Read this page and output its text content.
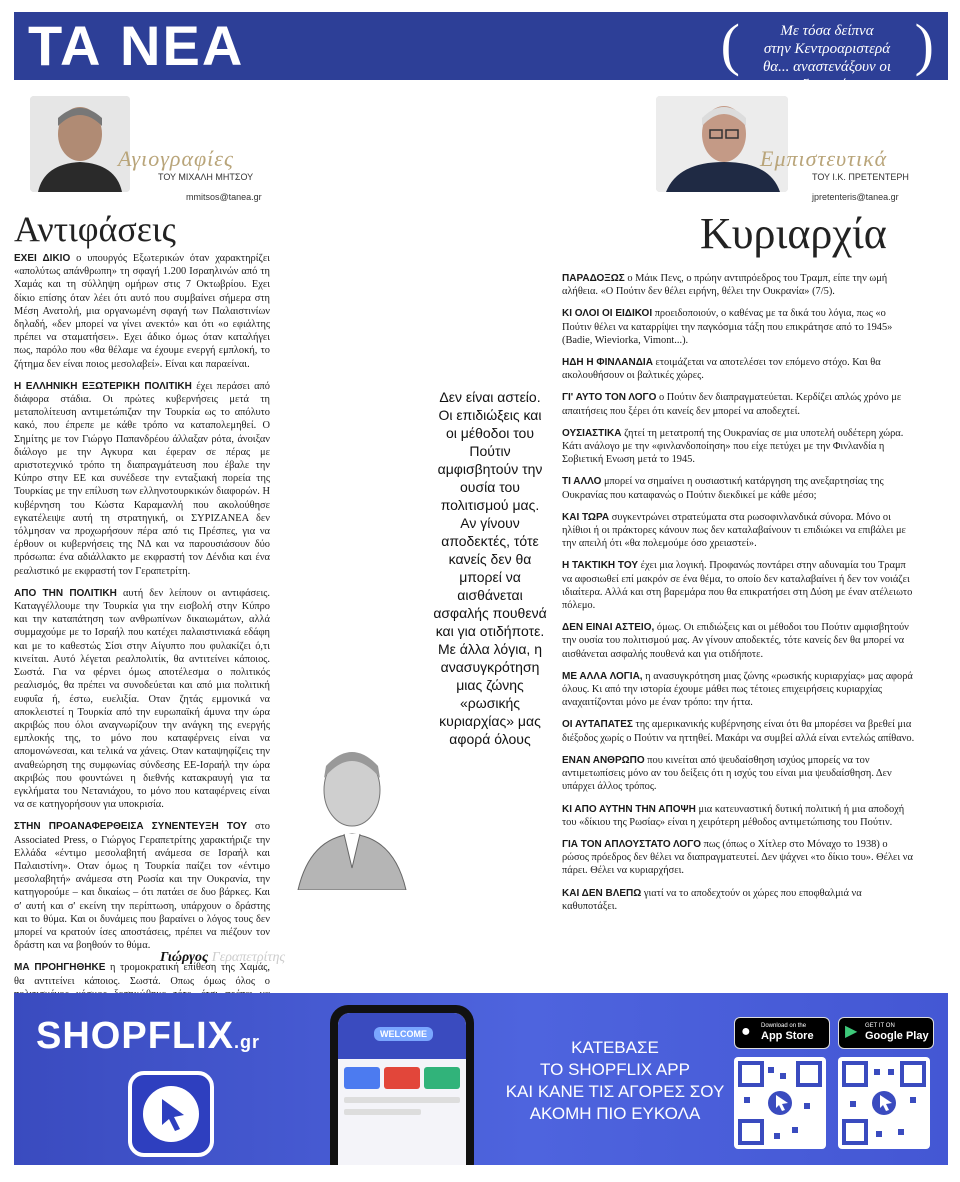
ΤΑ ΝΕΑ	(	Με τόσα δείπνα
στην Κεντροαριστερά
θα... αναστενάξουν οι ζυγαριές
)
Αγιογραφίες
ΤΟΥ ΜΙΧΑΛΗ ΜΗΤΣΟΥ
mmitsos@tanea.gr
Εμπιστευτικά
ΤΟΥ Ι.Κ. ΠΡΕΤΕΝΤΕΡΗ
jpretenteris@tanea.gr
Αντιφάσεις	Κυριαρχία

ΕΧΕΙ ΔΙΚΙΟ ο υπουργός Εξωτερικών όταν χαρακτηρίζει «απολύτως απάνθρωπη» τη σφαγή 1.200 Ισραηλινών από τη Χαμάς και τη σύλληψη ομήρων στις 7 Οκτωβρίου. Εχει δίκιο επίσης όταν λέει ότι αυτό που συμβαίνει σήμερα στη Μέση Ανατολή, μια οργανωμένη σφαγή των Παλαιστινίων δηλαδή, «δεν μπορεί να γίνει ανεκτό» και ότι «ο εφιάλτης πρέπει να σταματήσει». Εχει άδικο όμως όταν καταλήγει πως, παρόλο που «θα θέλαμε να έχουμε ενεργή εμπλοκή, το ζήτημα δεν είναι ποιος μεσολαβεί». Είναι και παραείναι.

Η ΕΛΛΗΝΙΚΗ ΕΞΩΤΕΡΙΚΗ ΠΟΛΙΤΙΚΗ έχει περάσει από διάφορα στάδια. Οι πρώτες κυβερνήσεις μετά τη μεταπολίτευση αντιμετώπιζαν την Τουρκία ως το απόλυτο κακό, που έπρεπε με κάθε τρόπο να καταπολεμηθεί. Ο Σημίτης με τον Γιώργο Παπανδρέου άλλαξαν ρότα, άνοιξαν διάλογο με την Αγκυρα και έφεραν σε πέρας με αριστοτεχνικό τρόπο τη διαπραγμάτευση που έβαλε την Κύπρο στην ΕΕ και συνέδεσε την ενταξιακή πορεία της Τουρκίας με την επίλυση των ελληνοτουρκικών διαφορών. Η κυβέρνηση του Κώστα Καραμανλή που ακολούθησε εγκατέλειψε αυτή τη στρατηγική, οι ΣΥΡΙΖΑΝΕΑ δεν τόλμησαν να προχωρήσουν πέρα από τις Πρέσπες, για να έρθουν οι κυβερνήσεις της ΝΔ και να παρουσιάσουν δύο πρόσωπα: ένα αδιάλλακτο με εκφραστή τον Δένδια και ένα ρεαλιστικό με εκφραστή τον Γεραπετρίτη.

ΑΠΟ ΤΗΝ ΠΟΛΙΤΙΚΗ αυτή δεν λείπουν οι αντιφάσεις. Καταγγέλλουμε την Τουρκία για την εισβολή στην Κύπρο και την καταπάτηση των ανθρωπίνων δικαιωμάτων, αλλά συμμαχούμε με το Ισραήλ που κατέχει παλαιστινιακά εδάφη και με το καθεστώς Σίσι στην Αίγυπτο που φυλακίζει ό,τι κινείται. Αυτό λέγεται ρεαλπολιτίκ, θα αντιτείνει κάποιος. Σωστά. Για να φέρνει όμως αποτέλεσμα ο πολιτικός ρεαλισμός, θα πρέπει να συνοδεύεται και από μια πολιτική ευφυΐα ή, έστω, ευελιξία. Οταν ζητάς εμμονικά να αποκλειστεί η Τουρκία από την ευρωπαϊκή άμυνα την ώρα ακριβώς που όλοι αναγνωρίζουν την ανάγκη της ενεργής εμπλοκής της, το μόνο που καταφέρνεις είναι να απομονώνεσαι, και τελικά να χάνεις. Οταν καταψηφίζεις την αναθεώρηση της συμφωνίας σύνδεσης ΕΕ-Ισραήλ την ώρα ακριβώς που φουντώνει η διεθνής κατακραυγή για τα εγκλήματα του Νετανιάχου, το μόνο που καταφέρνεις είναι να σε κατηγορήσουν για υποκρισία.

ΣΤΗΝ ΠΡΟΑΝΑΦΕΡΘΕΙΣΑ ΣΥΝΕΝΤΕΥΞΗ ΤΟΥ στο Associated Press, ο Γιώργος Γεραπετρίτης χαρακτήριζε την Ελλάδα «έντιμο μεσολαβητή ανάμεσα σε Ισραήλ και Παλαιστίνη». Οταν όμως η Τουρκία παίζει τον «έντιμο μεσολαβητή» ανάμεσα στη Ρωσία και την Ουκρανία, την κατηγορούμε – και δικαίως – ότι πατάει σε δυο βάρκες. Και σ' αυτή και σ' εκείνη την περίπτωση, υπάρχουν ο δράστης και το θύμα. Και οι δυνάμεις που βαραίνει ο λόγος τους δεν μπορεί να κρατούν ίσες αποστάσεις, πρέπει να πιέζουν τον δράστη και να βοηθούν το θύμα.

ΜΑ ΠΡΟΗΓΗΘΗΚΕ η τρομοκρατική επίθεση της Χαμάς, θα αντιτείνει κάποιος. Σωστά. Οπως όμως όλος ο

Γιώργος Γεραπετρίτης
Δεν είναι αστείο. Οι επιδιώξεις και οι μέθοδοι του Πούτιν αμφισβητούν την ουσία του πολιτισμού μας. Αν γίνουν αποδεκτές, τότε κανείς δεν θα μπορεί να αισθάνεται ασφαλής πουθενά και για οτιδήποτε. Με άλλα λόγια, η ανασυγκρότηση μιας ζώνης «ρωσικής κυριαρχίας» μας αφορά όλους

ΠΑΡΑΔΟΞΩΣ ο Μάικ Πενς, ο πρώην αντιπρόεδρος του Τραμπ, είπε την ωμή αλήθεια. «Ο Πούτιν δεν θέλει ειρήνη, θέλει την Ουκρανία» (7/5).

ΚΙ ΟΛΟΙ ΟΙ ΕΙΔΙΚΟΙ προειδοποιούν, ο καθένας με τα δικά του λόγια, πως «ο Πούτιν θέλει να καταρρίψει την παγκόσμια τάξη που επικράτησε από το 1945» (Badie, Wieviorka, Vimont...).

ΗΔΗ Η ΦΙΝΛΑΝΔΙΑ ετοιμάζεται να αποτελέσει τον επόμενο στόχο. Και θα ακολουθήσουν οι βαλτικές χώρες.

ΓΙ' ΑΥΤΟ ΤΟΝ ΛΟΓΟ ο Πούτιν δεν διαπραγματεύεται. Κερδίζει απλώς χρόνο με απαιτήσεις που ξέρει ότι κανείς δεν μπορεί να αποδεχτεί.

ΟΥΣΙΑΣΤΙΚΑ ζητεί τη μετατροπή της Ουκρανίας σε μια υποτελή ουδέτερη χώρα. Κάτι ανάλογο με την «φινλανδοποίηση» που είχε πετύχει με την Φινλανδία η Σοβιετική Ενωση μετά το 1945.

ΤΙ ΑΛΛΟ μπορεί να σημαίνει η ουσιαστική κατάργηση της ανεξαρτησίας της Ουκρανίας που καταφανώς ο Πούτιν διεκδικεί με κάθε μέσο;

ΚΑΙ ΤΩΡΑ συγκεντρώνει στρατεύματα στα ρωσοφινλανδικά σύνορα. Μόνο οι ηλίθιοι ή οι πράκτορες κάνουν πως δεν καταλαβαίνουν τι επιδιώκει να επιβάλει με την απειλή ότι «θα πολεμούμε όσο χρειαστεί».

Η ΤΑΚΤΙΚΗ ΤΟΥ έχει μια λογική. Προφανώς ποντάρει στην αδυναμία του Τραμπ να αφοσιωθεί επί μακρόν σε ένα θέμα, το οποίο δεν καταλαβαίνει ή δεν τον νοιάζει ιδιαίτερα. Αλλά και στη βαρεμάρα που θα επικρατήσει στη Δύση με έναν ατέλειωτο πόλεμο.

ΔΕΝ ΕΙΝΑΙ ΑΣΤΕΙΟ, όμως. Οι επιδιώξεις και οι μέθοδοι του Πούτιν αμφισβητούν την ουσία του πολιτισμού μας. Αν γίνουν αποδεκτές, τότε κανείς δεν θα μπορεί να αισθάνεται ασφαλής πουθενά και για οτιδήποτε.

ΜΕ ΑΛΛΑ ΛΟΓΙΑ, η ανασυγκρότηση μιας ζώνης «ρωσικής κυριαρχίας» μας αφορά όλους. Κι από την ιστορία έχουμε μάθει πως τέτοιες επιχειρήσεις κυριαρχίας αναχαιτίζονται μόνο με έναν τρόπο: την ήττα.

ΟΙ ΑΥΤΑΠΑΤΕΣ της αμερικανικής κυβέρνησης είναι ότι θα μπορέσει να βρεθεί μια διέξοδος χωρίς ο Πούτιν να ηττηθεί. Μακάρι να συμβεί αλλά είναι εντελώς απίθανο.

ΕΝΑΝ ΑΝΘΡΩΠΟ που κινείται από ψευδαίσθηση ισχύος μπορείς να τον αντιμετωπίσεις μόνο αν του δείξεις ότι η ισχύς του είναι μια ψευδαίσθηση. Δεν υπάρχει άλλος τρόπος.

ΚΙ ΑΠΟ ΑΥΤΗΝ ΤΗΝ ΑΠΟΨΗ μια κατευναστική δυτική πολιτική ή μια αποδοχή του «δίκιου της Ρωσίας» είναι η χειρότερη μέθοδος αντιμετώπισης του Πούτιν.

ΓΙΑ ΤΟΝ ΑΠΛΟΥΣΤΑΤΟ ΛΟΓΟ πως (όπως ο Χίτλερ στο Μόναχο το 1938) ο ρώσος πρόεδρος δεν θέλει να διαπραγματευτεί. Δεν ψάχνει «το δίκιο του». Θέλει να πάρει. Θέλει να κυριαρχήσει.

ΚΑΙ ΔΕΝ ΒΛΕΠΩ γιατί να το αποδεχτούν οι χώρες που εποφθαλμιά να καθυποτάξει.

SHOPFLIX.gr	WELCOME
ΚΑΤΕΒΑΣΕ
ΤΟ SHOPFLIX APP
ΚΑΙ ΚΑΝΕ ΤΙΣ ΑΓΟΡΕΣ ΣΟΥ
ΑΚΟΜΗ ΠΙΟ ΕΥΚΟΛΑ
● Download on the
App Store ▶ GET IT ON
Google Play
